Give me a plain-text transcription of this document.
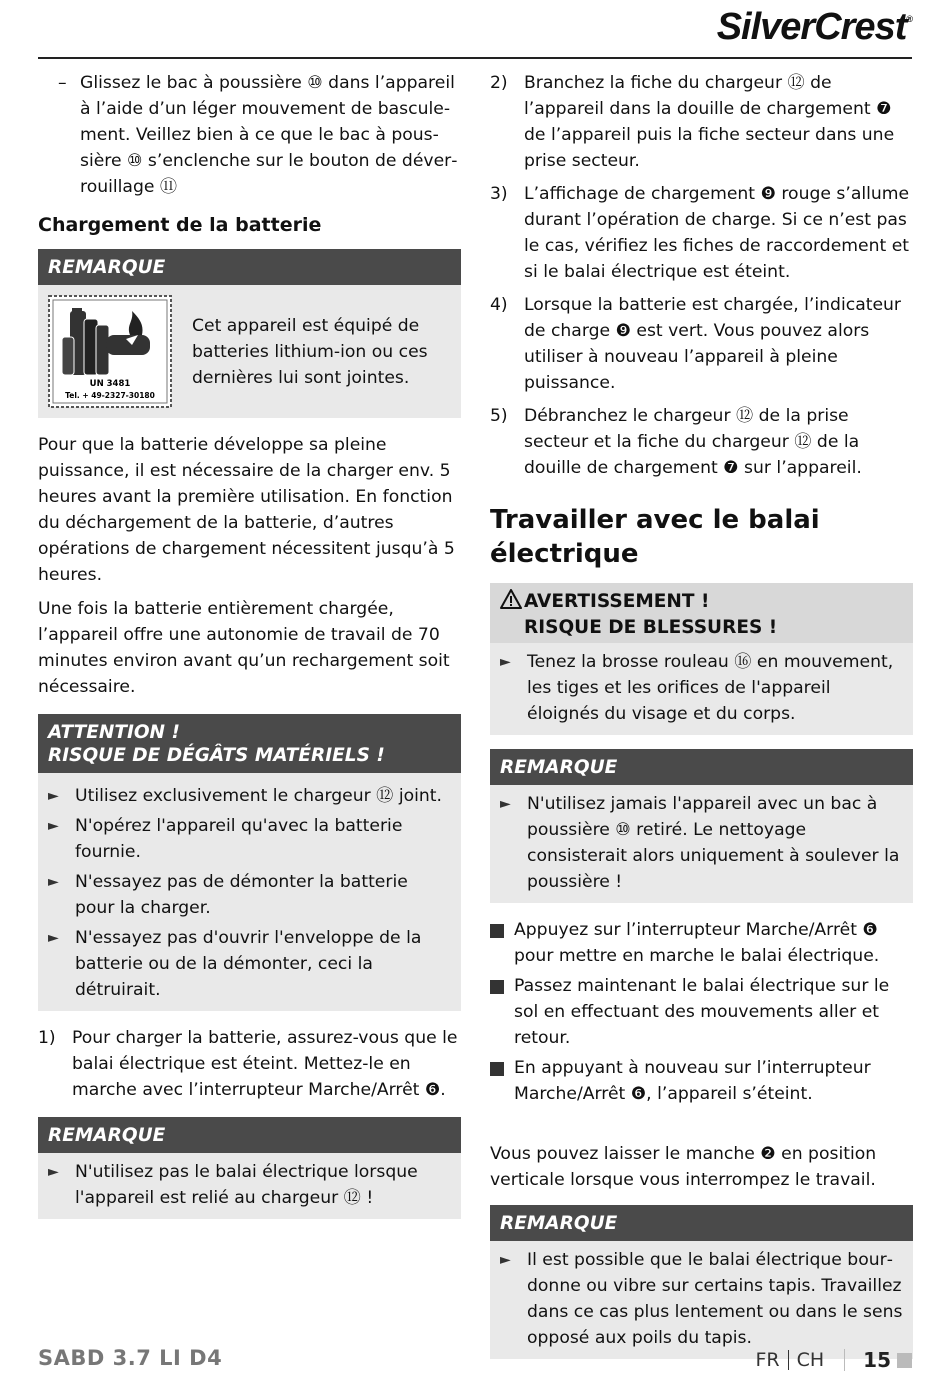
SilverCrest®
– Glissez le bac à poussière ⑩ dans l’appareil à l’aide d’un léger mouvement de basculement. Veillez bien à ce que le bac à poussière ⑩ s’enclenche sur le bouton de déverrouillage ⑪
Chargement de la batterie
REMARQUE
UN 3481
Tel. + 49-2327-30180
Cet appareil est équipé de batteries lithium-ion ou ces dernières lui sont jointes.

Pour que la batterie développe sa pleine puissance, il est nécessaire de la charger env. 5 heures avant la première utilisation. En fonction du déchargement de la batterie, d’autres opérations de chargement nécessitent jusqu’à 5 heures.

Une fois la batterie entièrement chargée, l’appareil offre une autonomie de travail de 70 minutes environ avant qu’un rechargement soit nécessaire.

ATTENTION !
RISQUE DE DÉGÂTS MATÉRIELS !
► Utilisez exclusivement le chargeur ⑫ joint.
► N'opérez l'appareil qu'avec la batterie fournie.
► N'essayez pas de démonter la batterie pour la charger.
► N'essayez pas d'ouvrir l'enveloppe de la batterie ou de la démonter, ceci la détruirait.
1) Pour charger la batterie, assurez-vous que le balai électrique est éteint. Mettez-le en marche avec l’interrupteur Marche/Arrêt ❻.
REMARQUE
► N'utilisez pas le balai électrique lorsque l'appareil est relié au chargeur ⑫ !
2) Branchez la fiche du chargeur ⑫ de l’appareil dans la douille de chargement ❼ de l’appareil puis la fiche secteur dans une prise secteur.
3) L’affichage de chargement ❾ rouge s’allume durant l’opération de charge. Si ce n’est pas le cas, vérifiez les fiches de raccordement et si le balai électrique est éteint.
4) Lorsque la batterie est chargée, l’indicateur de charge ❾ est vert. Vous pouvez alors utiliser à nouveau l’appareil à pleine puissance.
5) Débranchez le chargeur ⑫ de la prise secteur et la fiche du chargeur ⑫ de la douille de chargement ❼ sur l’appareil.
Travailler avec le balai électrique
AVERTISSEMENT !
RISQUE DE BLESSURES !
► Tenez la brosse rouleau ⑯ en mouvement, les tiges et les orifices de l'appareil éloignés du visage et du corps.
REMARQUE
► N'utilisez jamais l'appareil avec un bac à poussière ⑩ retiré. Le nettoyage consisterait alors uniquement à soulever la poussière !
Appuyez sur l’interrupteur Marche/Arrêt ❻ pour mettre en marche le balai électrique.
Passez maintenant le balai électrique sur le sol en effectuant des mouvements aller et retour.
En appuyant à nouveau sur l’interrupteur Marche/Arrêt ❻, l’appareil s’éteint.

Vous pouvez laisser le manche ❷ en position verticale lorsque vous interrompez le travail.

REMARQUE
► Il est possible que le balai électrique bourdonne ou vibre sur certains tapis. Travaillez dans ce cas plus lentement ou dans le sens opposé aux poils du tapis.
SABD 3.7 LI D4	FR CH 15
